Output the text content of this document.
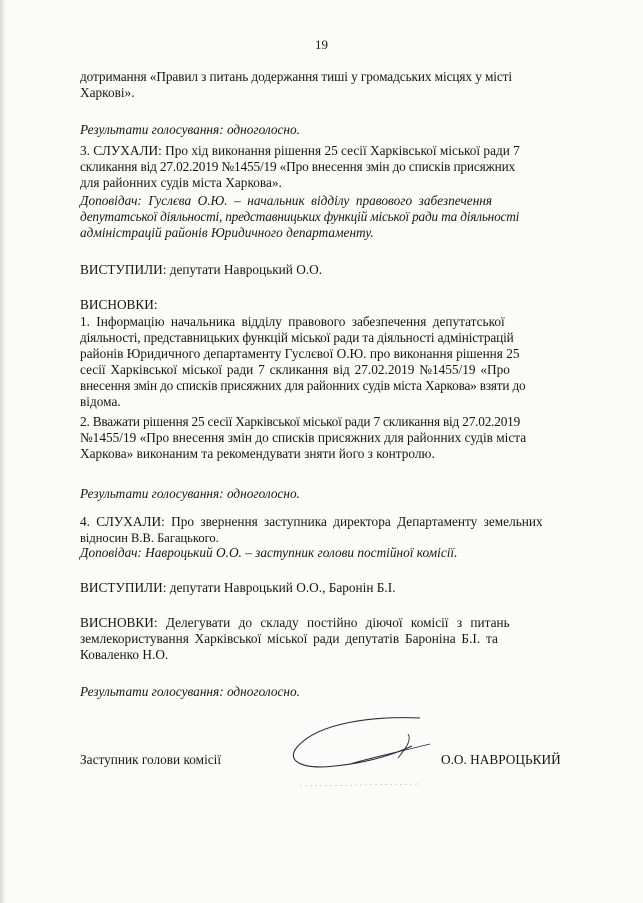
19
дотримання «Правил з питань додержання тиші у громадських місцях у місті
Харкові».
Результати голосування: одноголосно.
3. СЛУХАЛИ: Про хід виконання рішення 25 сесії Харківської міської ради 7
скликання від 27.02.2019 №1455/19 «Про внесення змін до списків присяжних
для районних судів міста Харкова».
Доповідач: Гуслєва О.Ю. – начальник відділу правового забезпечення
депутатської діяльності, представницьких функцій міської ради та діяльності
адміністрацій районів Юридичного департаменту.
ВИСТУПИЛИ: депутати Навроцький О.О.
ВИСНОВКИ:
1. Інформацію начальника відділу правового забезпечення депутатської
діяльності, представницьких функцій міської ради та діяльності адміністрацій
районів Юридичного департаменту Гуслєвої О.Ю. про виконання рішення 25
сесії Харківської міської ради 7 скликання від 27.02.2019 №1455/19 «Про
внесення змін до списків присяжних для районних судів міста Харкова» взяти до
відома.
2. Вважати рішення 25 сесії Харківської міської ради 7 скликання від 27.02.2019
№1455/19 «Про внесення змін до списків присяжних для районних судів міста
Харкова» виконаним та рекомендувати зняти його з контролю.
Результати голосування: одноголосно.
4. СЛУХАЛИ: Про звернення заступника директора Департаменту земельних
відносин В.В. Багацького.
Доповідач: Навроцький О.О. – заступник голови постійної комісії.
ВИСТУПИЛИ: депутати Навроцький О.О., Баронін Б.І.
ВИСНОВКИ: Делегувати до складу постійно діючої комісії з питань
землекористування Харківської міської ради депутатів Бароніна Б.І. та
Коваленко Н.О.
Результати голосування: одноголосно.
Заступник голови комісії	О.О. НАВРОЦЬКИЙ
